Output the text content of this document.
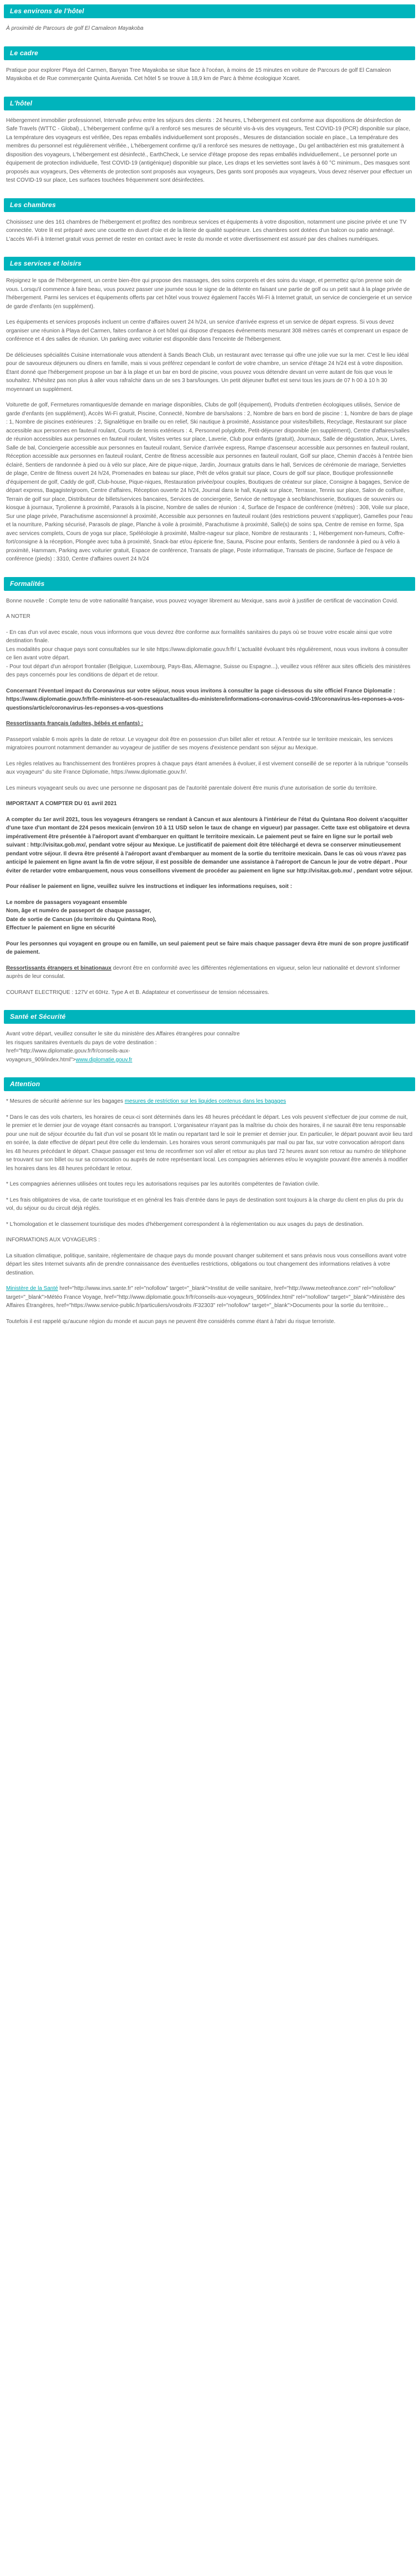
Les environs de l'hôtel

À proximité de Parcours de golf El Camaleon Mayakoba

Le cadre

Pratique pour explorer Playa del Carmen, Banyan Tree Mayakoba se situe face à l'océan, à moins de 15 minutes en voiture de Parcours de golf El Camaleon Mayakoba et de Rue commerçante Quinta Avenida. Cet hôtel 5 se trouve à 18,9 km de Parc à thème écologique Xcaret.

L'hôtel

Hébergement immobilier professionnel, Intervalle prévu entre les séjours des clients : 24 heures, L'hébergement est conforme aux dispositions de désinfection de Safe Travels (WTTC - Global)., L'hébergement confirme qu'il a renforcé ses mesures de sécurité vis-à-vis des voyageurs, Test COVID-19 (PCR) disponible sur place, La température des voyageurs est vérifiée, Des repas emballés individuellement sont proposés., Mesures de distanciation sociale en place., La température des membres du personnel est régulièrement vérifiée., L'hébergement confirme qu'il a renforcé ses mesures de nettoyage., Du gel antibactérien est mis gratuitement à disposition des voyageurs, L'hébergement est désinfecté., EarthCheck, Le service d'étage propose des repas emballés individuellement., Le personnel porte un équipement de protection individuelle, Test COVID-19 (antigénique) disponible sur place, Les draps et les serviettes sont lavés à 60 °C minimum., Des masques sont proposés aux voyageurs, Des vêtements de protection sont proposés aux voyageurs, Des gants sont proposés aux voyageurs, Vous devez réserver pour effectuer un test COVID-19 sur place, Les surfaces touchées fréquemment sont désinfectées.

Les chambres

Choisissez une des 161 chambres de l'hébergement et profitez des nombreux services et équipements à votre disposition, notamment une piscine privée et une TV connectée. Votre lit est préparé avec une couette en duvet d'oie et de la literie de qualité supérieure. Les chambres sont dotées d'un balcon ou patio aménagé. L'accès Wi-Fi à Internet gratuit vous permet de rester en contact avec le reste du monde et votre divertissement est assuré par des chaînes numériques.

Les services et loisirs

Rejoignez le spa de l'hébergement, un centre bien-être qui propose des massages, des soins corporels et des soins du visage, et permettez qu'on prenne soin de vous. Lorsqu'il commence à faire beau, vous pouvez passer une journée sous le signe de la détente en faisant une partie de golf ou un petit saut à la plage privée de l'hébergement. Parmi les services et équipements offerts par cet hôtel vous trouvez également l'accès Wi-Fi à Internet gratuit, un service de conciergerie et un service de garde d'enfants (en supplément).

Les équipements et services proposés incluent un centre d'affaires ouvert 24 h/24, un service d'arrivée express et un service de départ express. Si vous devez organiser une réunion à Playa del Carmen, faites confiance à cet hôtel qui dispose d'espaces événements mesurant 308 mètres carrés et comprenant un espace de conférence et 4 des salles de réunion. Un parking avec voiturier est disponible dans l'enceinte de l'hébergement.

De délicieuses spécialités Cuisine internationale vous attendent à Sands Beach Club, un restaurant avec terrasse qui offre une jolie vue sur la mer. C'est le lieu idéal pour de savoureux déjeuners ou dîners en famille, mais si vous préférez cependant le confort de votre chambre, un service d'étage 24 h/24 est à votre disposition. Étant donné que l'hébergement propose un bar à la plage et un bar en bord de piscine, vous pouvez vous détendre devant un verre autant de fois que vous le souhaitez. N'hésitez pas non plus à aller vous rafraîchir dans un de ses 3 bars/lounges. Un petit déjeuner buffet est servi tous les jours de 07 h 00 à 10 h 30 moyennant un supplément.

Voiturette de golf, Fermetures romantiques/de demande en mariage disponibles, Clubs de golf (équipement), Produits d'entretien écologiques utilisés, Service de garde d'enfants (en supplément), Accès Wi-Fi gratuit, Piscine, Connecté, Nombre de bars/salons : 2, Nombre de bars en bord de piscine : 1, Nombre de bars de plage : 1, Nombre de piscines extérieures : 2, Signalétique en braille ou en relief, Ski nautique à proximité, Assistance pour visites/billets, Recyclage, Restaurant sur place accessible aux personnes en fauteuil roulant, Courts de tennis extérieurs : 4, Personnel polyglotte, Petit-déjeuner disponible (en supplément), Centre d'affaires/salles de réunion accessibles aux personnes en fauteuil roulant, Visites vertes sur place, Laverie, Club pour enfants (gratuit), Journaux, Salle de dégustation, Jeux, Livres, Salle de bal, Conciergerie accessible aux personnes en fauteuil roulant, Service d'arrivée express, Rampe d'ascenseur accessible aux personnes en fauteuil roulant, Réception accessible aux personnes en fauteuil roulant, Centre de fitness accessible aux personnes en fauteuil roulant, Golf sur place, Chemin d'accès à l'entrée bien éclairé, Sentiers de randonnée à pied ou à vélo sur place, Aire de pique-nique, Jardin, Journaux gratuits dans le hall, Services de cérémonie de mariage, Serviettes de plage, Centre de fitness ouvert 24 h/24, Promenades en bateau sur place, Prêt de vélos gratuit sur place, Cours de golf sur place, Boutique professionnelle d'équipement de golf, Caddy de golf, Club-house, Pique-niques, Restauration privée/pour couples, Boutiques de créateur sur place, Consigne à bagages, Service de départ express, Bagagiste/groom, Centre d'affaires, Réception ouverte 24 h/24, Journal dans le hall, Kayak sur place, Terrasse, Tennis sur place, Salon de coiffure, Terrain de golf sur place, Distributeur de billets/services bancaires, Services de conciergerie, Service de nettoyage à sec/blanchisserie, Boutiques de souvenirs ou kiosque à journaux, Tyrolienne à proximité, Parasols à la piscine, Nombre de salles de réunion : 4, Surface de l'espace de conférence (mètres) : 308, Voile sur place, Sur une plage privée, Parachutisme ascensionnel à proximité, Accessible aux personnes en fauteuil roulant (des restrictions peuvent s'appliquer), Gamelles pour l'eau et la nourriture, Parking sécurisé, Parasols de plage, Planche à voile à proximité, Parachutisme à proximité, Salle(s) de soins spa, Centre de remise en forme, Spa avec services complets, Cours de yoga sur place, Spéléologie à proximité, Maître-nageur sur place, Nombre de restaurants : 1, Hébergement non-fumeurs, Coffre-fort/consigne à la réception, Plongée avec tuba à proximité, Snack-bar et/ou épicerie fine, Sauna, Piscine pour enfants, Sentiers de randonnée à pied ou à vélo à proximité, Hammam, Parking avec voiturier gratuit, Espace de conférence, Transats de plage, Poste informatique, Transats de piscine, Surface de l'espace de conférence (pieds) : 3310, Centre d'affaires ouvert 24 h/24

Formalités

Bonne nouvelle : Compte tenu de votre nationalité française, vous pouvez voyager librement au Mexique, sans avoir à justifier de certificat de vaccination Covid.

A NOTER

- En cas d'un vol avec escale, nous vous informons que vous devrez être conforme aux formalités sanitaires du pays où se trouve votre escale ainsi que votre destination finale.
Les modalités pour chaque pays sont consultables sur le site https://www.diplomatie.gouv.fr/fr/ L'actualité évoluant très régulièrement, nous vous invitons à consulter ce lien avant votre départ.
- Pour tout départ d'un aéroport frontalier (Belgique, Luxembourg, Pays-Bas, Allemagne, Suisse ou Espagne...), veuillez vous référer aux sites officiels des ministères des pays concernés pour les conditions de départ et de retour.

Concernant l'éventuel impact du Coronavirus sur votre séjour, nous vous invitons à consulter la page ci-dessous du site officiel France Diplomatie :
https://www.diplomatie.gouv.fr/fr/le-ministere-et-son-reseau/actualites-du-ministere/informations-coronavirus-covid-19/coronavirus-les-reponses-a-vos-questions/article/coronavirus-les-reponses-a-vos-questions

Ressortissants français (adultes, bébés et enfants) :

Passeport valable 6 mois après la date de retour. Le voyageur doit être en possession d'un billet aller et retour. A l'entrée sur le territoire mexicain, les services migratoires pourront notamment demander au voyageur de justifier de ses moyens d'existence pendant son séjour au Mexique.

Les règles relatives au franchissement des frontières propres à chaque pays étant amenées à évoluer, il est vivement conseillé de se reporter à la rubrique "conseils aux voyageurs" du site France Diplomatie, https://www.diplomatie.gouv.fr/.

Les mineurs voyageant seuls ou avec une personne ne disposant pas de l'autorité parentale doivent être munis d'une autorisation de sortie du territoire.

IMPORTANT A COMPTER DU 01 avril 2021

A compter du 1er avril 2021, tous les voyageurs étrangers se rendant à Cancun et aux alentours à l'intérieur de l'état du Quintana Roo doivent s'acquitter d'une taxe d'un montant de 224 pesos mexicain (environ 10 à 11 USD selon le taux de change en vigueur) par passager. Cette taxe est obligatoire et devra impérativement être présentée à l'aéroport avant d'embarquer en quittant le territoire mexicain. Le paiement peut se faire en ligne sur le portail web suivant : http://visitax.gob.mx/, pendant votre séjour au Mexique. Le justificatif de paiement doit être téléchargé et devra se conserver minutieusement pendant votre séjour. Il devra être présenté à l'aéroport avant d'embarquer au moment de la sortie du territoire mexicain. Dans le cas où vous n'avez pas anticipé le paiement en ligne avant la fin de votre séjour, il est possible de demander une assistance à l'aéroport de Cancun le jour de votre départ . Pour éviter de retarder votre embarquement, nous vous conseillons vivement de procéder au paiement en ligne sur http://visitax.gob.mx/ , pendant votre séjour.

Pour réaliser le paiement en ligne, veuillez suivre les instructions et indiquer les informations requises, soit :

Le nombre de passagers voyageant ensemble
Nom, âge et numéro de passeport de chaque passager,
Date de sortie de Cancun (du territoire du Quintana Roo),
Effectuer le paiement en ligne en sécurité

Pour les personnes qui voyagent en groupe ou en famille, un seul paiement peut se faire mais chaque passager devra être muni de son propre justificatif de paiement.

Ressortissants étrangers et binationaux devront être en conformité avec les différentes réglementations en vigueur, selon leur nationalité et devront s'informer auprès de leur consulat.

COURANT ELECTRIQUE : 127V et 60Hz. Type A et B. Adaptateur et convertisseur de tension nécessaires.

Santé et Sécurité

Avant votre départ, veuillez consulter le site du ministère des Affaires étrangères pour connaître les risques sanitaires éventuels du pays de votre destination : href="http://www.diplomatie.gouv.fr/fr/conseils-aux-voyageurs_909/index.html">www.diplomatie.gouv.fr

Attention

* Mesures de sécurité aérienne sur les bagages mesures de restriction sur les liquides contenus dans les bagages

* Dans le cas des vols charters, les horaires de ceux-ci sont déterminés dans les 48 heures précédant le départ. Les vols peuvent s'effectuer de jour comme de nuit, le premier et le dernier jour de voyage étant consacrés au transport. L'organisateur n'ayant pas la maîtrise du choix des horaires, il ne saurait être tenu responsable pour une nuit de séjour écourtée du fait d'un vol se posant tôt le matin ou repartant tard le soir le premier et dernier jour. En particulier, le départ pouvant avoir lieu tard en soirée, la date effective de départ peut être celle du lendemain. Les horaires vous seront communiqués par mail ou par fax, sur votre convocation aéroport dans les 48 heures précédant le départ. Chaque passager est tenu de reconfirmer son vol aller et retour au plus tard 72 heures avant son retour au numéro de téléphone se trouvant sur son billet ou sur sa convocation ou auprès de notre représentant local. Les compagnies aériennes et/ou le voyagiste pouvant être amenés à modifier les horaires dans les 48 heures précédant le retour.

* Les compagnies aériennes utilisées ont toutes reçu les autorisations requises par les autorités compétentes de l'aviation civile.

* Les frais obligatoires de visa, de carte touristique et en général les frais d'entrée dans le pays de destination sont toujours à la charge du client en plus du prix du vol, du séjour ou du circuit déjà réglés.

* L'homologation et le classement touristique des modes d'hébergement correspondent à la réglementation ou aux usages du pays de destination.

INFORMATIONS AUX VOYAGEURS :

La situation climatique, politique, sanitaire, réglementaire de chaque pays du monde pouvant changer subitement et sans préavis nous vous conseillons avant votre départ les sites Internet suivants afin de prendre connaissance des éventuelles restrictions, obligations ou tout changement des informations relatives à votre destination.

Ministère de la Santé href="http://www.invs.sante.fr" rel="nofollow" target="_blank">Institut de veille sanitaire, href="http://www.meteofrance.com" rel="nofollow" target="_blank">Météo France Voyage, href="http://www.diplomatie.gouv.fr/fr/conseils-aux-voyageurs_909/index.html" rel="nofollow" target="_blank">Ministère des Affaires Étrangères, href="https://www.service-public.fr/particuliers/vosdroits /F32303" rel="nofollow" target="_blank">Documents pour la sortie du territoire...

Toutefois il est rappelé qu'aucune région du monde et aucun pays ne peuvent être considérés comme étant à l'abri du risque terroriste.
